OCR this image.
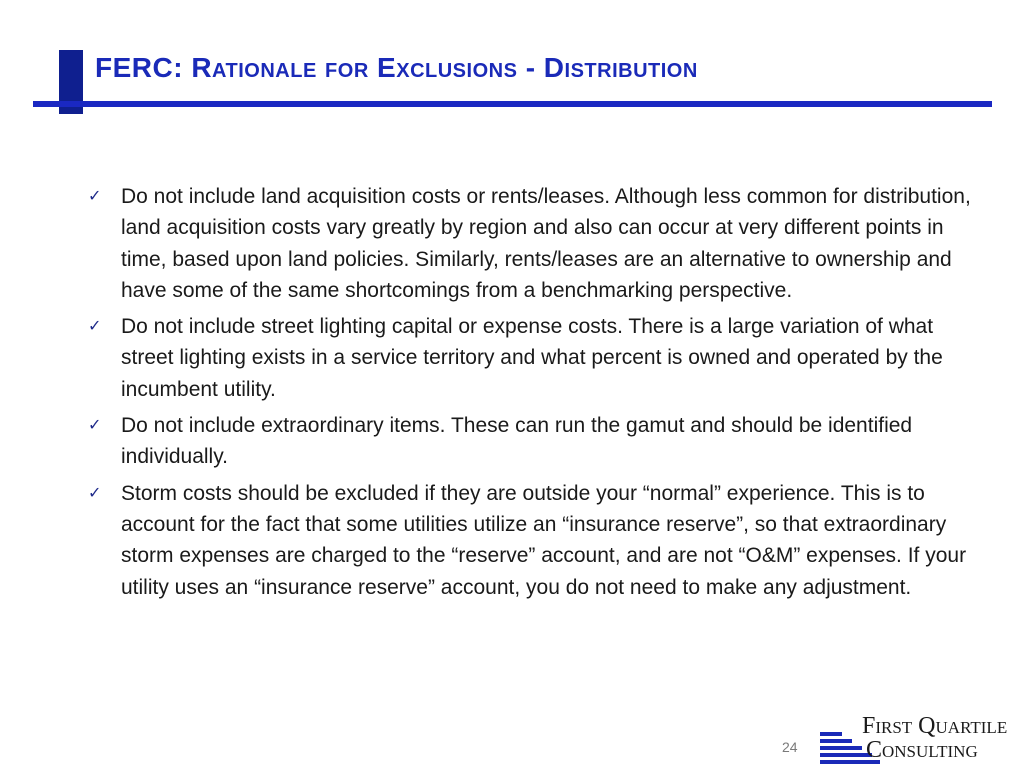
FERC: Rationale for Exclusions - Distribution
✓ Do not include land acquisition costs or rents/leases. Although less common for distribution, land acquisition costs vary greatly by region and also can occur at very different points in time, based upon land policies. Similarly, rents/leases are an alternative to ownership and have some of the same shortcomings from a benchmarking perspective.
✓ Do not include street lighting capital or expense costs. There is a large variation of what street lighting exists in a service territory and what percent is owned and operated by the incumbent utility.
✓ Do not include extraordinary items. These can run the gamut and should be identified individually.
✓ Storm costs should be excluded if they are outside your “normal” experience. This is to account for the fact that some utilities utilize an “insurance reserve”, so that extraordinary storm expenses are charged to the “reserve” account, and are not “O&M” expenses. If your utility uses an “insurance reserve” account, you do not need to make any adjustment.
24
First Quartile
Consulting
